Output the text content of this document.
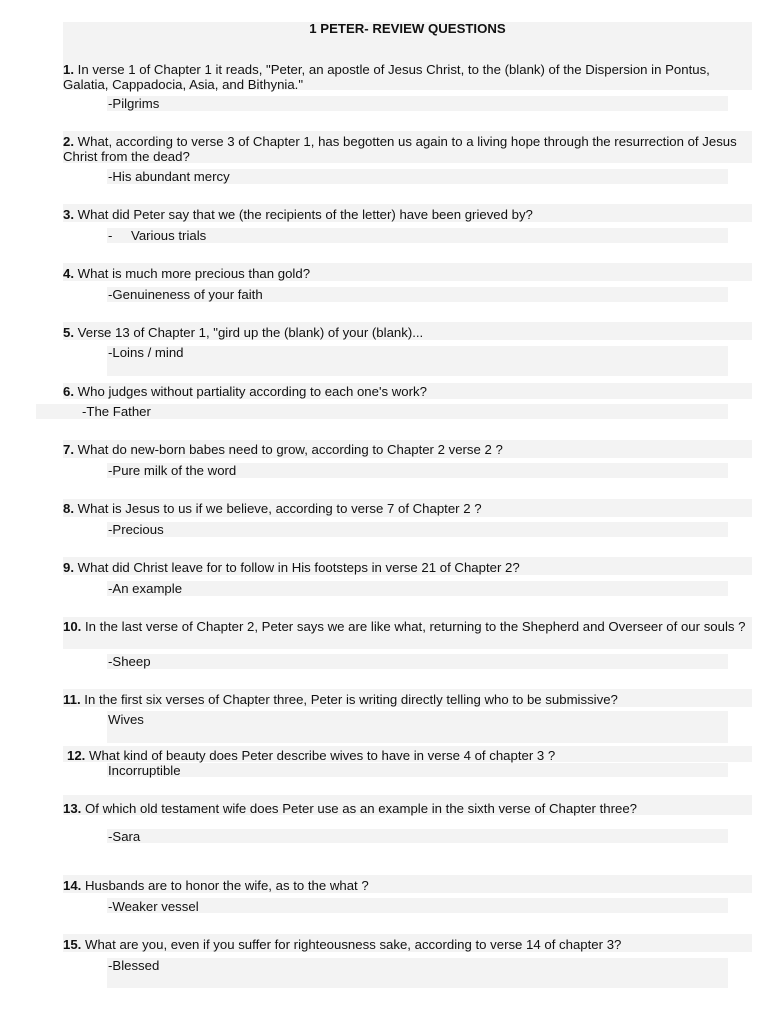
1 PETER- REVIEW QUESTIONS
1. In verse 1 of Chapter 1 it reads, "Peter, an apostle of Jesus Christ, to the (blank) of the Dispersion in Pontus, Galatia, Cappadocia, Asia, and Bithynia."
-Pilgrims
2. What, according to verse 3 of Chapter 1, has begotten us again to a living hope through the resurrection of Jesus Christ from the dead?
-His abundant mercy
3. What did Peter say that we (the recipients of the letter) have been grieved by?
- Various trials
4. What is much more precious than gold?
-Genuineness of your faith
5. Verse 13 of Chapter 1, "gird up the (blank) of your (blank)...
-Loins / mind
6. Who judges without partiality according to each one's work?
-The Father
7. What do new-born babes need to grow, according to Chapter 2 verse 2 ?
-Pure milk of the word
8. What is Jesus to us if we believe, according to verse 7 of Chapter 2 ?
-Precious
9. What did Christ leave for to follow in His footsteps in verse 21 of Chapter 2?
-An example
10. In the last verse of Chapter 2, Peter says we are like what, returning to the Shepherd and Overseer of our souls ?
-Sheep
11. In the first six verses of Chapter three, Peter is writing directly telling who to be submissive?
Wives
12. What kind of beauty does Peter describe wives to have in verse 4 of chapter 3 ?
Incorruptible
13. Of which old testament wife does Peter use as an example in the sixth verse of Chapter three?
-Sara
14. Husbands are to honor the wife, as to the what ?
-Weaker vessel
15. What are you, even if you suffer for righteousness sake, according to verse 14 of chapter 3?
-Blessed
